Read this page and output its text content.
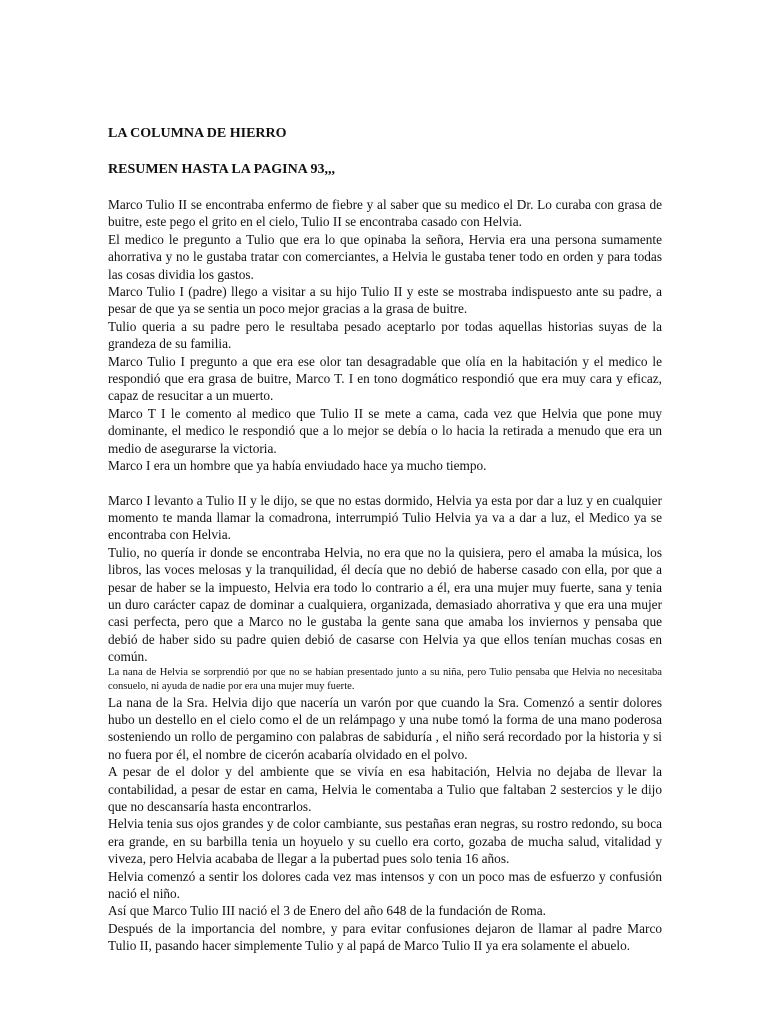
LA COLUMNA DE HIERRO
RESUMEN HASTA LA PAGINA 93,,,

Marco Tulio II se encontraba enfermo de fiebre y al saber que su medico el Dr. Lo curaba con grasa de buitre, este pego el grito en el cielo, Tulio II se encontraba casado con Helvia.

El medico le pregunto a Tulio que era lo que opinaba la señora, Hervia era una persona sumamente ahorrativa y no le gustaba tratar con comerciantes, a Helvia le gustaba tener todo en orden y para todas las cosas dividia los gastos.

Marco Tulio I (padre) llego a visitar a su hijo Tulio II y este se mostraba indispuesto ante su padre, a pesar de que ya se sentia un poco mejor gracias a la grasa de buitre.

Tulio queria a su padre pero le resultaba pesado aceptarlo por todas aquellas historias suyas de la grandeza de su familia.

Marco Tulio I pregunto a que era ese olor tan desagradable que olía en la habitación y el medico le respondió que era grasa de buitre, Marco T. I en tono dogmático respondió que era muy cara y eficaz, capaz de resucitar a un muerto.

Marco T I le comento al medico que Tulio II se mete a cama, cada vez que Helvia que pone muy dominante, el medico le respondió que a lo mejor se debía o lo hacia la retirada a menudo que era un medio de asegurarse la victoria.

Marco I era un hombre que ya había enviudado hace ya mucho tiempo.

Marco I levanto a Tulio II y le dijo, se que no estas dormido, Helvia ya esta por dar a luz y en cualquier momento te manda llamar la comadrona, interrumpió Tulio Helvia ya va a dar a luz, el Medico ya se encontraba con Helvia.

Tulio, no quería ir donde se encontraba Helvia, no era que no la quisiera, pero el amaba la música, los libros, las voces melosas y la tranquilidad, él decía que no debió de haberse casado con ella, por que a pesar de haber se la impuesto, Helvia era todo lo contrario a él, era una mujer muy fuerte, sana y tenia un duro carácter capaz de dominar a cualquiera, organizada, demasiado ahorrativa y que era una mujer casi perfecta, pero que a Marco no le gustaba la gente sana que amaba los inviernos y pensaba que debió de haber sido su padre quien debió de casarse con Helvia ya que ellos tenían muchas cosas en común.

La nana de Helvia se sorprendió por que no se habían presentado junto a su niña, pero Tulio pensaba que Helvia no necesitaba consuelo, ni ayuda de nadie por era una mujer muy fuerte.

La nana de la Sra. Helvia dijo que nacería un varón por que cuando la Sra. Comenzó a sentir dolores hubo un destello en el cielo como el de un relámpago y una nube tomó la forma de una mano poderosa sosteniendo un rollo de pergamino con palabras de sabiduría , el niño será recordado por la historia y si no fuera por él, el nombre de cicerón acabaría olvidado en el polvo.

A pesar de el dolor y del ambiente que se vivía en esa habitación, Helvia no dejaba de llevar la contabilidad, a pesar de estar en cama, Helvia le comentaba a Tulio que faltaban 2 sestercios y le dijo que no descansaría hasta encontrarlos.

Helvia tenia sus ojos grandes y de color cambiante, sus pestañas eran negras, su rostro redondo, su boca era grande, en su barbilla tenia un hoyuelo y su cuello era corto, gozaba de mucha salud, vitalidad y viveza, pero Helvia acababa de llegar a la pubertad pues solo tenia 16 años.

Helvia comenzó a sentir los dolores cada vez mas intensos y con un poco mas de esfuerzo y confusión nació el niño.

Así que Marco Tulio III nació el 3 de Enero del año 648 de la fundación de Roma.

Después de la importancia del nombre, y para evitar confusiones dejaron de llamar al padre Marco Tulio II, pasando hacer simplemente Tulio y al papá de Marco Tulio II ya era solamente el abuelo.
